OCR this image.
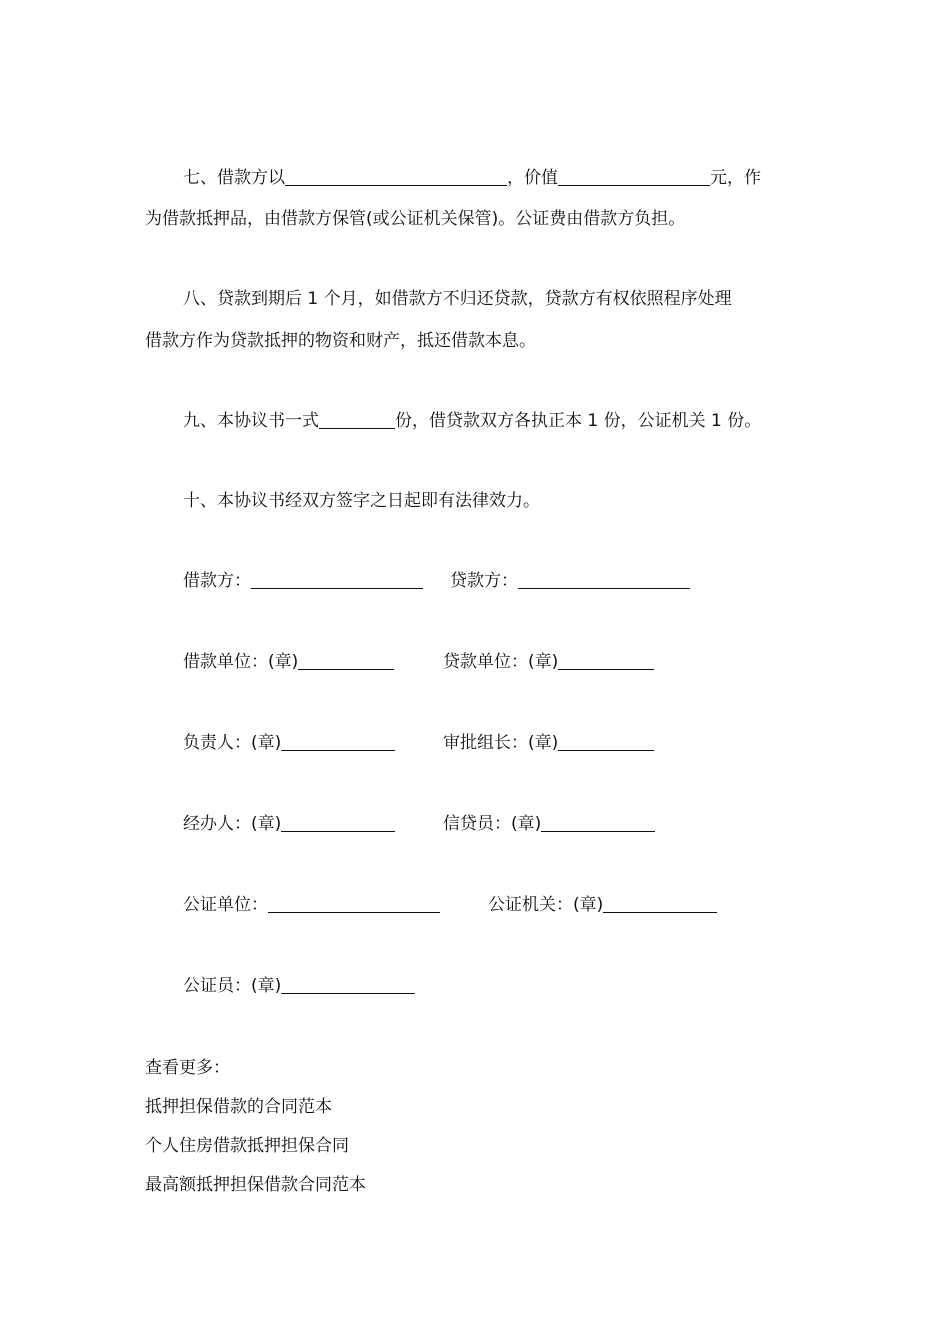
七、借款方以	，价值	元，作
为借款抵押品，由借款方保管(或公证机关保管)。公证费由借款方负担。
八、贷款到期后 1 个月，如借款方不归还贷款，贷款方有权依照程序处理
借款方作为贷款抵押的物资和财产，抵还借款本息。
九、本协议书一式	份，借贷款双方各执正本 1 份，公证机关 1 份。
十、本协议书经双方签字之日起即有法律效力。
借款方：	贷款方：
借款单位：(章)	贷款单位：(章)
负责人：(章)	审批组长：(章)
经办人：(章)	信贷员：(章)
公证单位：	公证机关：(章)
公证员：(章)
查看更多：
抵押担保借款的合同范本
个人住房借款抵押担保合同
最高额抵押担保借款合同范本
